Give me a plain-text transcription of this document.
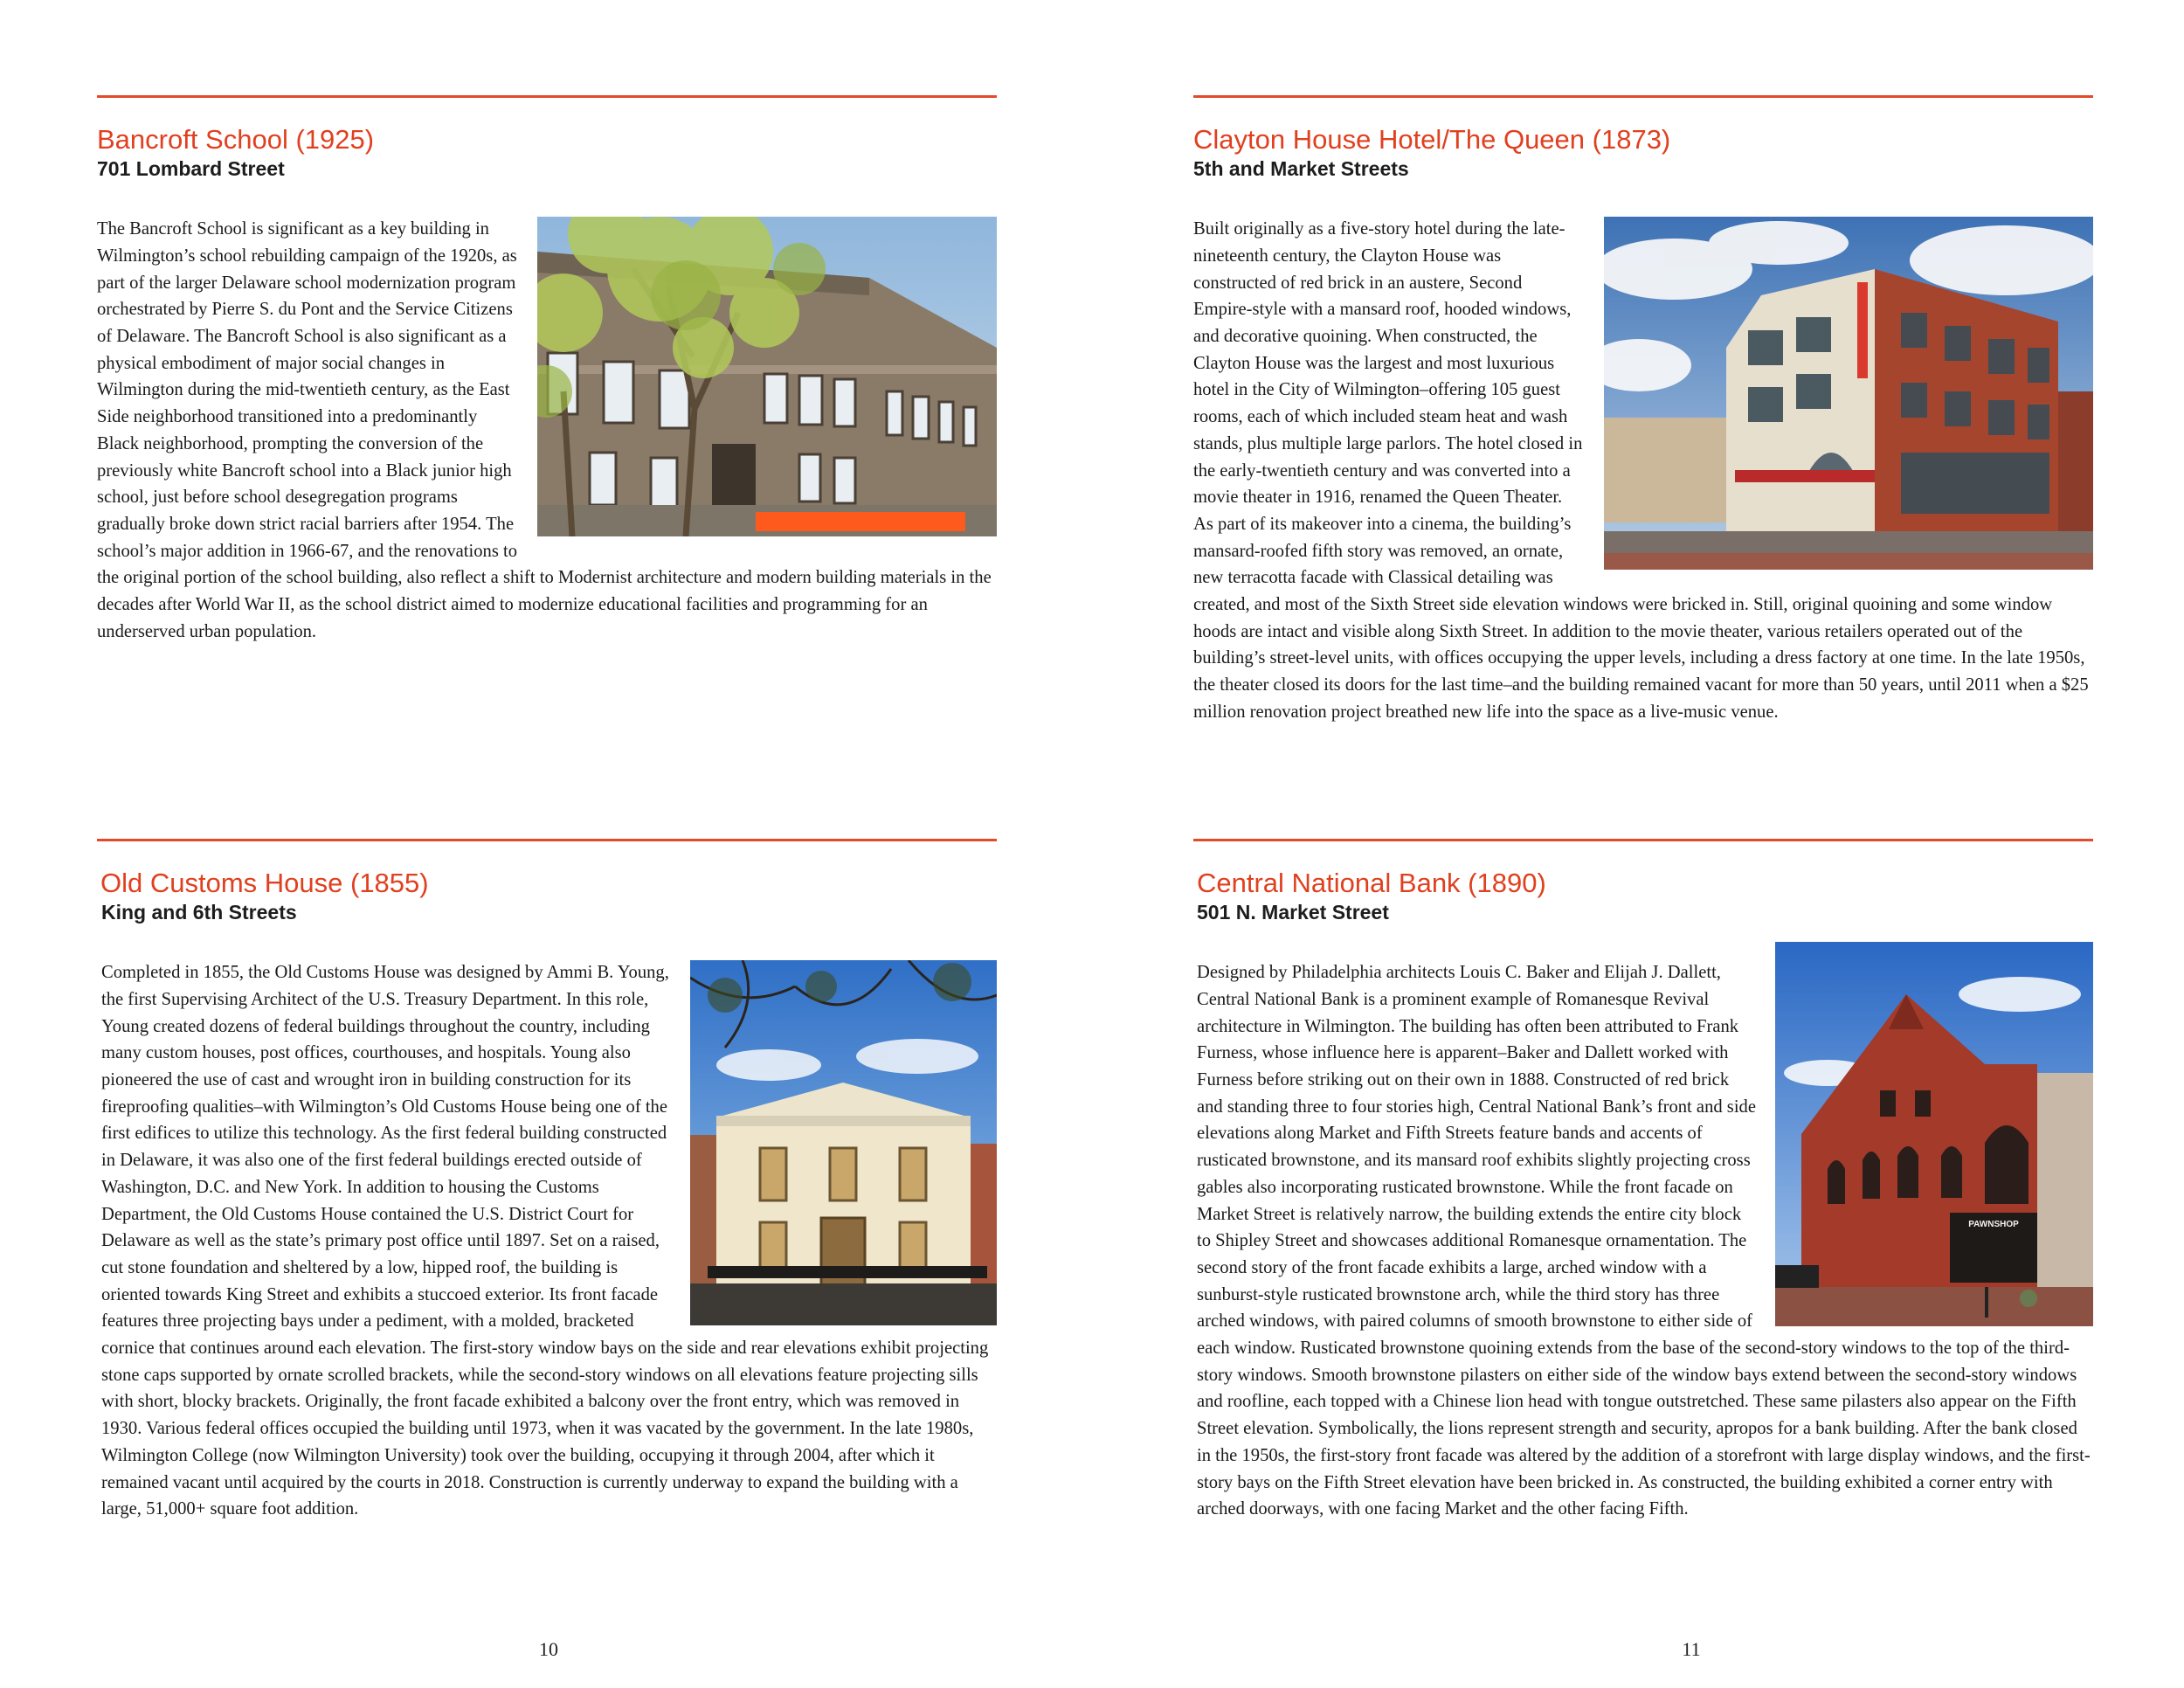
Bancroft School (1925)
701 Lombard Street
The Bancroft School is significant as a key building in Wilmington’s school rebuilding campaign of the 1920s, as part of the larger Delaware school modernization program orchestrated by Pierre S. du Pont and the Service Citizens of Delaware. The Bancroft School is also significant as a physical embodiment of major social changes in Wilmington during the mid-twentieth century, as the East Side neighborhood transitioned into a predominantly Black neighborhood, prompting the conversion of the previously white Bancroft school into a Black junior high school, just before school desegregation programs gradually broke down strict racial barriers after 1954. The school’s major addition in 1966-67, and the renovations to the original portion of the school building, also reflect a shift to Modernist architecture and modern building materials in the decades after World War II, as the school district aimed to modernize educational facilities and programming for an underserved urban population.
Old Customs House (1855)
King and 6th Streets
Completed in 1855, the Old Customs House was designed by Ammi B. Young, the first Supervising Architect of the U.S. Treasury Department. In this role, Young created dozens of federal buildings throughout the country, including many custom houses, post offices, courthouses, and hospitals. Young also pioneered the use of cast and wrought iron in building construction for its fireproofing qualities–with Wilmington’s Old Customs House being one of the first edifices to utilize this technology. As the first federal building constructed in Delaware, it was also one of the first federal buildings erected outside of Washington, D.C. and New York. In addition to housing the Customs Department, the Old Customs House contained the U.S. District Court for Delaware as well as the state’s primary post office until 1897. Set on a raised, cut stone foundation and sheltered by a low, hipped roof, the building is oriented towards King Street and exhibits a stuccoed exterior. Its front facade features three projecting bays under a pediment, with a molded, bracketed cornice that continues around each elevation. The first-story window bays on the side and rear elevations exhibit projecting stone caps supported by ornate scrolled brackets, while the second-story windows on all elevations feature projecting sills with short, blocky brackets. Originally, the front facade exhibited a balcony over the front entry, which was removed in 1930. Various federal offices occupied the building until 1973, when it was vacated by the government. In the late 1980s, Wilmington College (now Wilmington University) took over the building, occupying it through 2004, after which it remained vacant until acquired by the courts in 2018. Construction is currently underway to expand the building with a large, 51,000+ square foot addition.
10
Clayton House Hotel/The Queen (1873)
5th and Market Streets
Built originally as a five-story hotel during the late-nineteenth century, the Clayton House was constructed of red brick in an austere, Second Empire-style with a mansard roof, hooded windows, and decorative quoining. When constructed, the Clayton House was the largest and most luxurious hotel in the City of Wilmington–offering 105 guest rooms, each of which included steam heat and wash stands, plus multiple large parlors. The hotel closed in the early-twentieth century and was converted into a movie theater in 1916, renamed the Queen Theater. As part of its makeover into a cinema, the building’s mansard-roofed fifth story was removed, an ornate, new terracotta facade with Classical detailing was created, and most of the Sixth Street side elevation windows were bricked in. Still, original quoining and some window hoods are intact and visible along Sixth Street. In addition to the movie theater, various retailers operated out of the building’s street-level units, with offices occupying the upper levels, including a dress factory at one time. In the late 1950s, the theater closed its doors for the last time–and the building remained vacant for more than 50 years, until 2011 when a $25 million renovation project breathed new life into the space as a live-music venue.
Central National Bank (1890)
501 N. Market Street
PAWNSHOP
Designed by Philadelphia architects Louis C. Baker and Elijah J. Dallett, Central National Bank is a prominent example of Romanesque Revival architecture in Wilmington. The building has often been attributed to Frank Furness, whose influence here is apparent–Baker and Dallett worked with Furness before striking out on their own in 1888. Constructed of red brick and standing three to four stories high, Central National Bank’s front and side elevations along Market and Fifth Streets feature bands and accents of rusticated brownstone, and its mansard roof exhibits slightly projecting cross gables also incorporating rusticated brownstone. While the front facade on Market Street is relatively narrow, the building extends the entire city block to Shipley Street and showcases additional Romanesque ornamentation. The second story of the front facade exhibits a large, arched window with a sunburst-style rusticated brownstone arch, while the third story has three arched windows, with paired columns of smooth brownstone to either side of each window. Rusticated brownstone quoining extends from the base of the second-story windows to the top of the third-story windows. Smooth brownstone pilasters on either side of the window bays extend between the second-story windows and roofline, each topped with a Chinese lion head with tongue outstretched. These same pilasters also appear on the Fifth Street elevation. Symbolically, the lions represent strength and security, apropos for a bank building. After the bank closed in the 1950s, the first-story front facade was altered by the addition of a storefront with large display windows, and the first-story bays on the Fifth Street elevation have been bricked in. As constructed, the building exhibited a corner entry with arched doorways, with one facing Market and the other facing Fifth.
11
